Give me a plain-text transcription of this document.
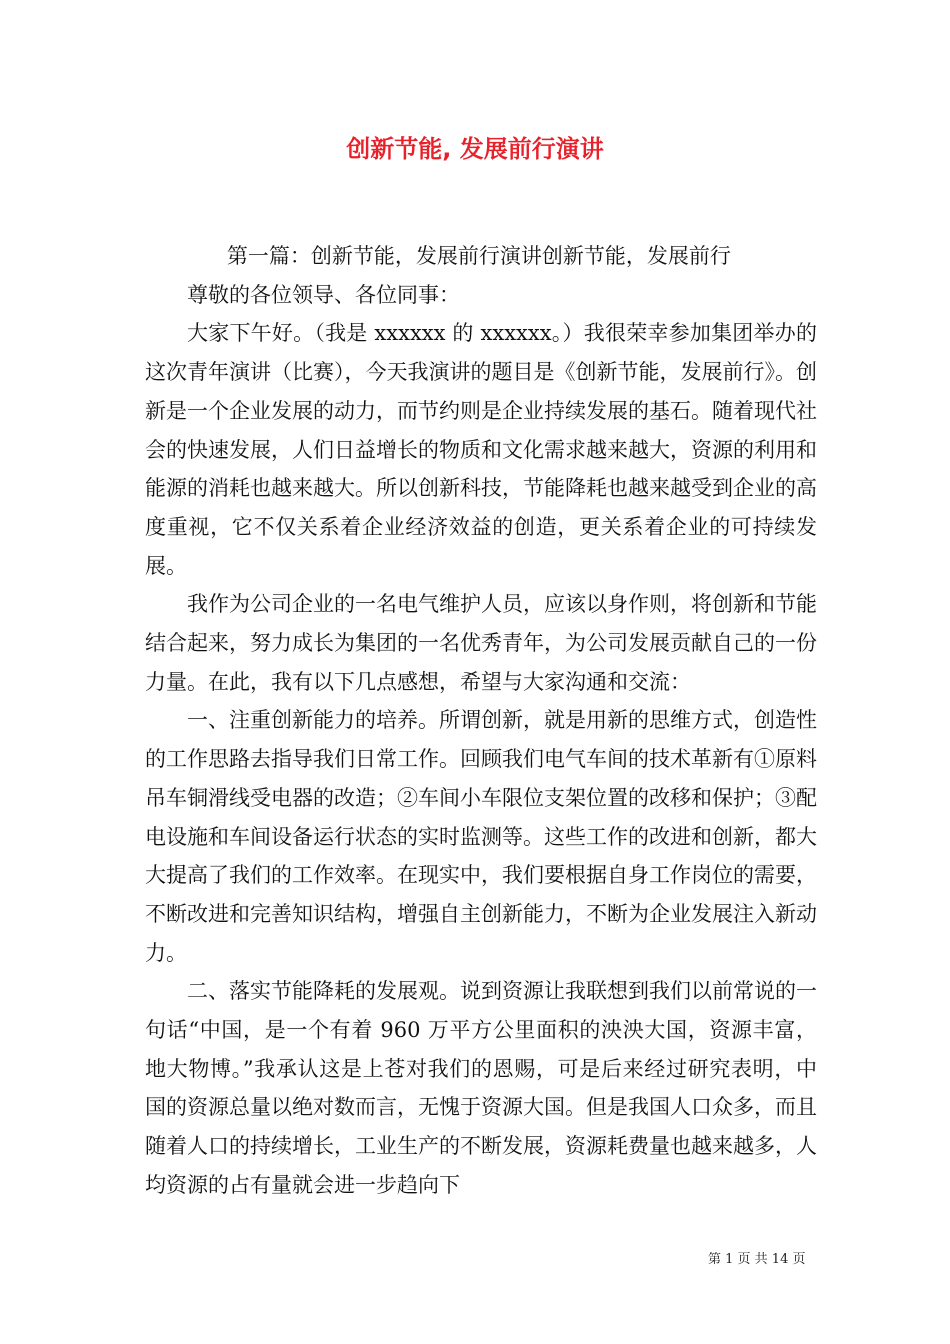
创新节能, 发展前行演讲

第一篇：创新节能，发展前行演讲创新节能，发展前行

尊敬的各位领导、各位同事：

大家下午好。（我是 xxxxxx 的 xxxxxx。）我很荣幸参加集团举办的这次青年演讲（比赛），今天我演讲的题目是《创新节能，发展前行》。创新是一个企业发展的动力，而节约则是企业持续发展的基石。随着现代社会的快速发展，人们日益增长的物质和文化需求越来越大，资源的利用和能源的消耗也越来越大。所以创新科技，节能降耗也越来越受到企业的高度重视，它不仅关系着企业经济效益的创造，更关系着企业的可持续发展。

我作为公司企业的一名电气维护人员，应该以身作则，将创新和节能结合起来，努力成长为集团的一名优秀青年，为公司发展贡献自己的一份力量。在此，我有以下几点感想，希望与大家沟通和交流：

一、注重创新能力的培养。所谓创新，就是用新的思维方式，创造性的工作思路去指导我们日常工作。回顾我们电气车间的技术革新有①原料吊车铜滑线受电器的改造；②车间小车限位支架位置的改移和保护；③配电设施和车间设备运行状态的实时监测等。这些工作的改进和创新，都大大提高了我们的工作效率。在现实中，我们要根据自身工作岗位的需要，不断改进和完善知识结构，增强自主创新能力，不断为企业发展注入新动力。

二、落实节能降耗的发展观。说到资源让我联想到我们以前常说的一句话“中国，是一个有着 960 万平方公里面积的泱泱大国，资源丰富，地大物博。”我承认这是上苍对我们的恩赐，可是后来经过研究表明，中国的资源总量以绝对数而言，无愧于资源大国。但是我国人口众多，而且随着人口的持续增长，工业生产的不断发展，资源耗费量也越来越多，人均资源的占有量就会进一步趋向下

第 1 页 共 14 页
